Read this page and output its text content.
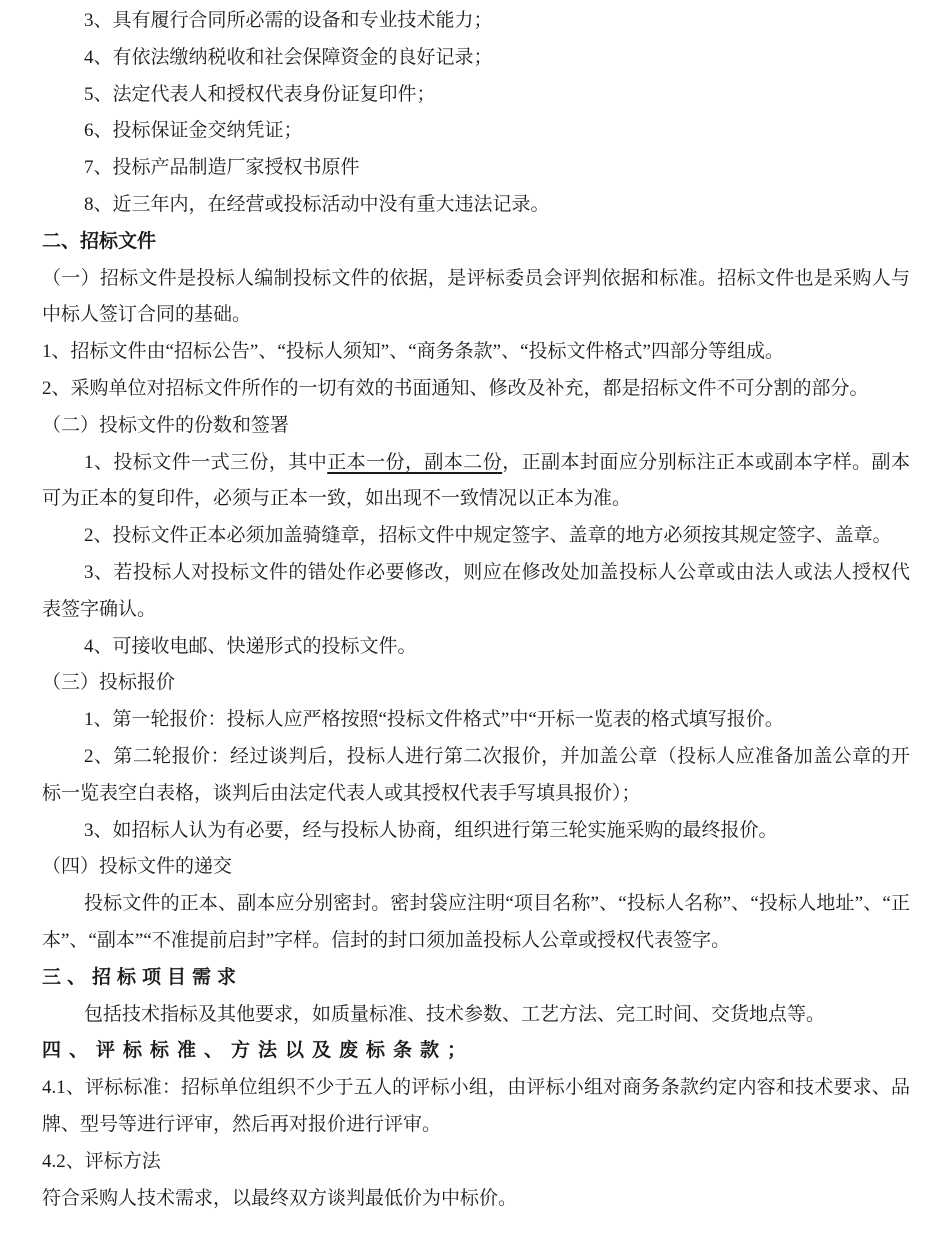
3、具有履行合同所必需的设备和专业技术能力；

4、有依法缴纳税收和社会保障资金的良好记录；

5、法定代表人和授权代表身份证复印件；

6、投标保证金交纳凭证；

7、投标产品制造厂家授权书原件

8、近三年内，在经营或投标活动中没有重大违法记录。

二、招标文件

（一）招标文件是投标人编制投标文件的依据，是评标委员会评判依据和标准。招标文件也是采购人与中标人签订合同的基础。

1、招标文件由“招标公告”、“投标人须知”、“商务条款”、“投标文件格式”四部分等组成。

2、采购单位对招标文件所作的一切有效的书面通知、修改及补充，都是招标文件不可分割的部分。

（二）投标文件的份数和签署

1、投标文件一式三份，其中正本一份，副本二份，正副本封面应分别标注正本或副本字样。副本可为正本的复印件，必须与正本一致，如出现不一致情况以正本为准。

2、投标文件正本必须加盖骑缝章，招标文件中规定签字、盖章的地方必须按其规定签字、盖章。

3、若投标人对投标文件的错处作必要修改，则应在修改处加盖投标人公章或由法人或法人授权代表签字确认。

4、可接收电邮、快递形式的投标文件。

（三）投标报价

1、第一轮报价：投标人应严格按照“投标文件格式”中“开标一览表的格式填写报价。

2、第二轮报价：经过谈判后，投标人进行第二次报价，并加盖公章（投标人应准备加盖公章的开标一览表空白表格，谈判后由法定代表人或其授权代表手写填具报价）；

3、如招标人认为有必要，经与投标人协商，组织进行第三轮实施采购的最终报价。

（四）投标文件的递交

投标文件的正本、副本应分别密封。密封袋应注明“项目名称”、“投标人名称”、“投标人地址”、“正本”、“副本”“不准提前启封”字样。信封的封口须加盖投标人公章或授权代表签字。

三、招标项目需求

包括技术指标及其他要求，如质量标准、技术参数、工艺方法、完工时间、交货地点等。

四、评标标准、方法以及废标条款；

4.1、评标标准：招标单位组织不少于五人的评标小组，由评标小组对商务条款约定内容和技术要求、品牌、型号等进行评审，然后再对报价进行评审。

4.2、评标方法

符合采购人技术需求，以最终双方谈判最低价为中标价。
